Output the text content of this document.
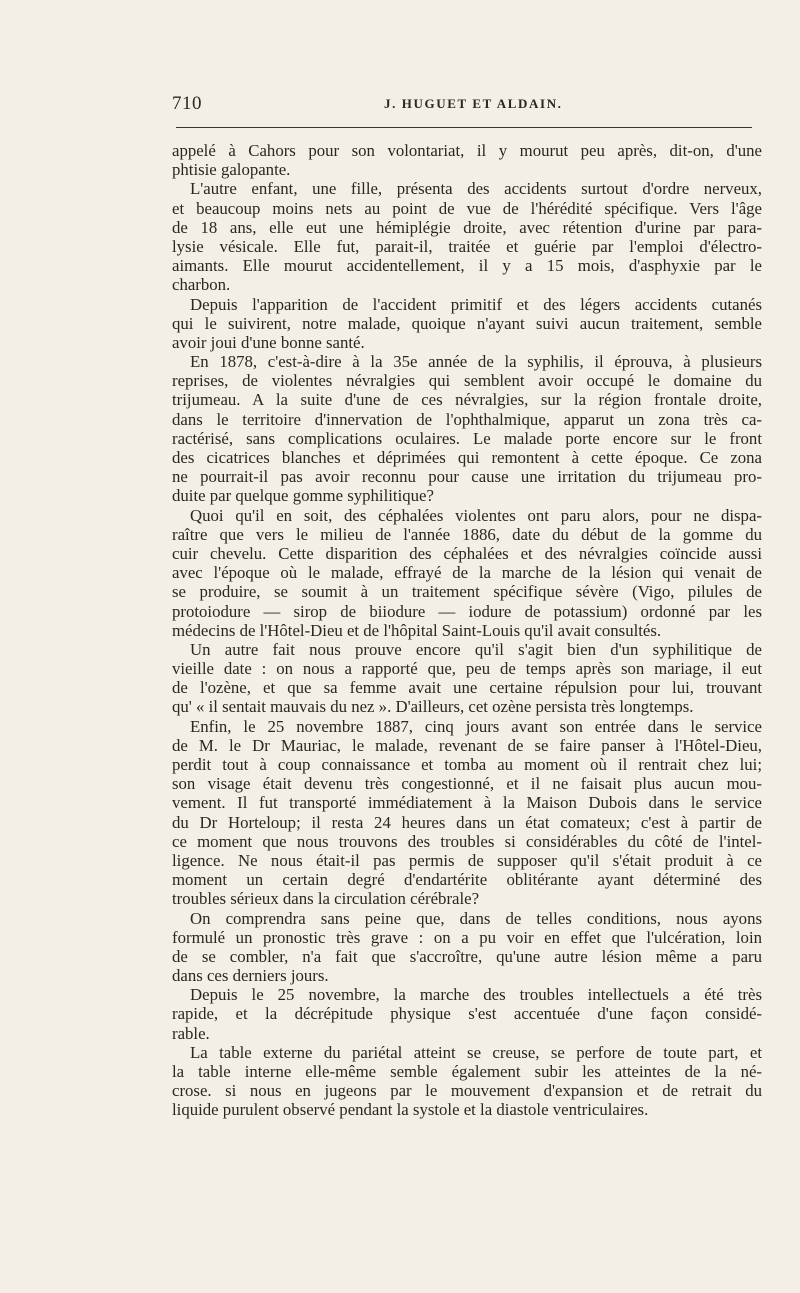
710	J. HUGUET ET ALDAIN.
appelé à Cahors pour son volontariat, il y mourut peu après, dit-on, d'une
phtisie galopante.
L'autre enfant, une fille, présenta des accidents surtout d'ordre nerveux,
et beaucoup moins nets au point de vue de l'hérédité spécifique. Vers l'âge
de 18 ans, elle eut une hémiplégie droite, avec rétention d'urine par para-
lysie vésicale. Elle fut, parait-il, traitée et guérie par l'emploi d'électro-
aimants. Elle mourut accidentellement, il y a 15 mois, d'asphyxie par le
charbon.
Depuis l'apparition de l'accident primitif et des légers accidents cutanés
qui le suivirent, notre malade, quoique n'ayant suivi aucun traitement, semble
avoir joui d'une bonne santé.
En 1878, c'est-à-dire à la 35e année de la syphilis, il éprouva, à plusieurs
reprises, de violentes névralgies qui semblent avoir occupé le domaine du
trijumeau. A la suite d'une de ces névralgies, sur la région frontale droite,
dans le territoire d'innervation de l'ophthalmique, apparut un zona très ca-
ractérisé, sans complications oculaires. Le malade porte encore sur le front
des cicatrices blanches et déprimées qui remontent à cette époque. Ce zona
ne pourrait-il pas avoir reconnu pour cause une irritation du trijumeau pro-
duite par quelque gomme syphilitique?
Quoi qu'il en soit, des céphalées violentes ont paru alors, pour ne dispa-
raître que vers le milieu de l'année 1886, date du début de la gomme du
cuir chevelu. Cette disparition des céphalées et des névralgies coïncide aussi
avec l'époque où le malade, effrayé de la marche de la lésion qui venait de
se produire, se soumit à un traitement spécifique sévère (Vigo, pilules de
protoiodure — sirop de biiodure — iodure de potassium) ordonné par les
médecins de l'Hôtel-Dieu et de l'hôpital Saint-Louis qu'il avait consultés.
Un autre fait nous prouve encore qu'il s'agit bien d'un syphilitique de
vieille date : on nous a rapporté que, peu de temps après son mariage, il eut
de l'ozène, et que sa femme avait une certaine répulsion pour lui, trouvant
qu' « il sentait mauvais du nez ». D'ailleurs, cet ozène persista très longtemps.
Enfin, le 25 novembre 1887, cinq jours avant son entrée dans le service
de M. le Dr Mauriac, le malade, revenant de se faire panser à l'Hôtel-Dieu,
perdit tout à coup connaissance et tomba au moment où il rentrait chez lui;
son visage était devenu très congestionné, et il ne faisait plus aucun mou-
vement. Il fut transporté immédiatement à la Maison Dubois dans le service
du Dr Horteloup; il resta 24 heures dans un état comateux; c'est à partir de
ce moment que nous trouvons des troubles si considérables du côté de l'intel-
ligence. Ne nous était-il pas permis de supposer qu'il s'était produit à ce
moment un certain degré d'endartérite oblitérante ayant déterminé des
troubles sérieux dans la circulation cérébrale?
On comprendra sans peine que, dans de telles conditions, nous ayons
formulé un pronostic très grave : on a pu voir en effet que l'ulcération, loin
de se combler, n'a fait que s'accroître, qu'une autre lésion même a paru
dans ces derniers jours.
Depuis le 25 novembre, la marche des troubles intellectuels a été très
rapide, et la décrépitude physique s'est accentuée d'une façon considé-
rable.
La table externe du pariétal atteint se creuse, se perfore de toute part, et
la table interne elle-même semble également subir les atteintes de la né-
crose. si nous en jugeons par le mouvement d'expansion et de retrait du
liquide purulent observé pendant la systole et la diastole ventriculaires.
